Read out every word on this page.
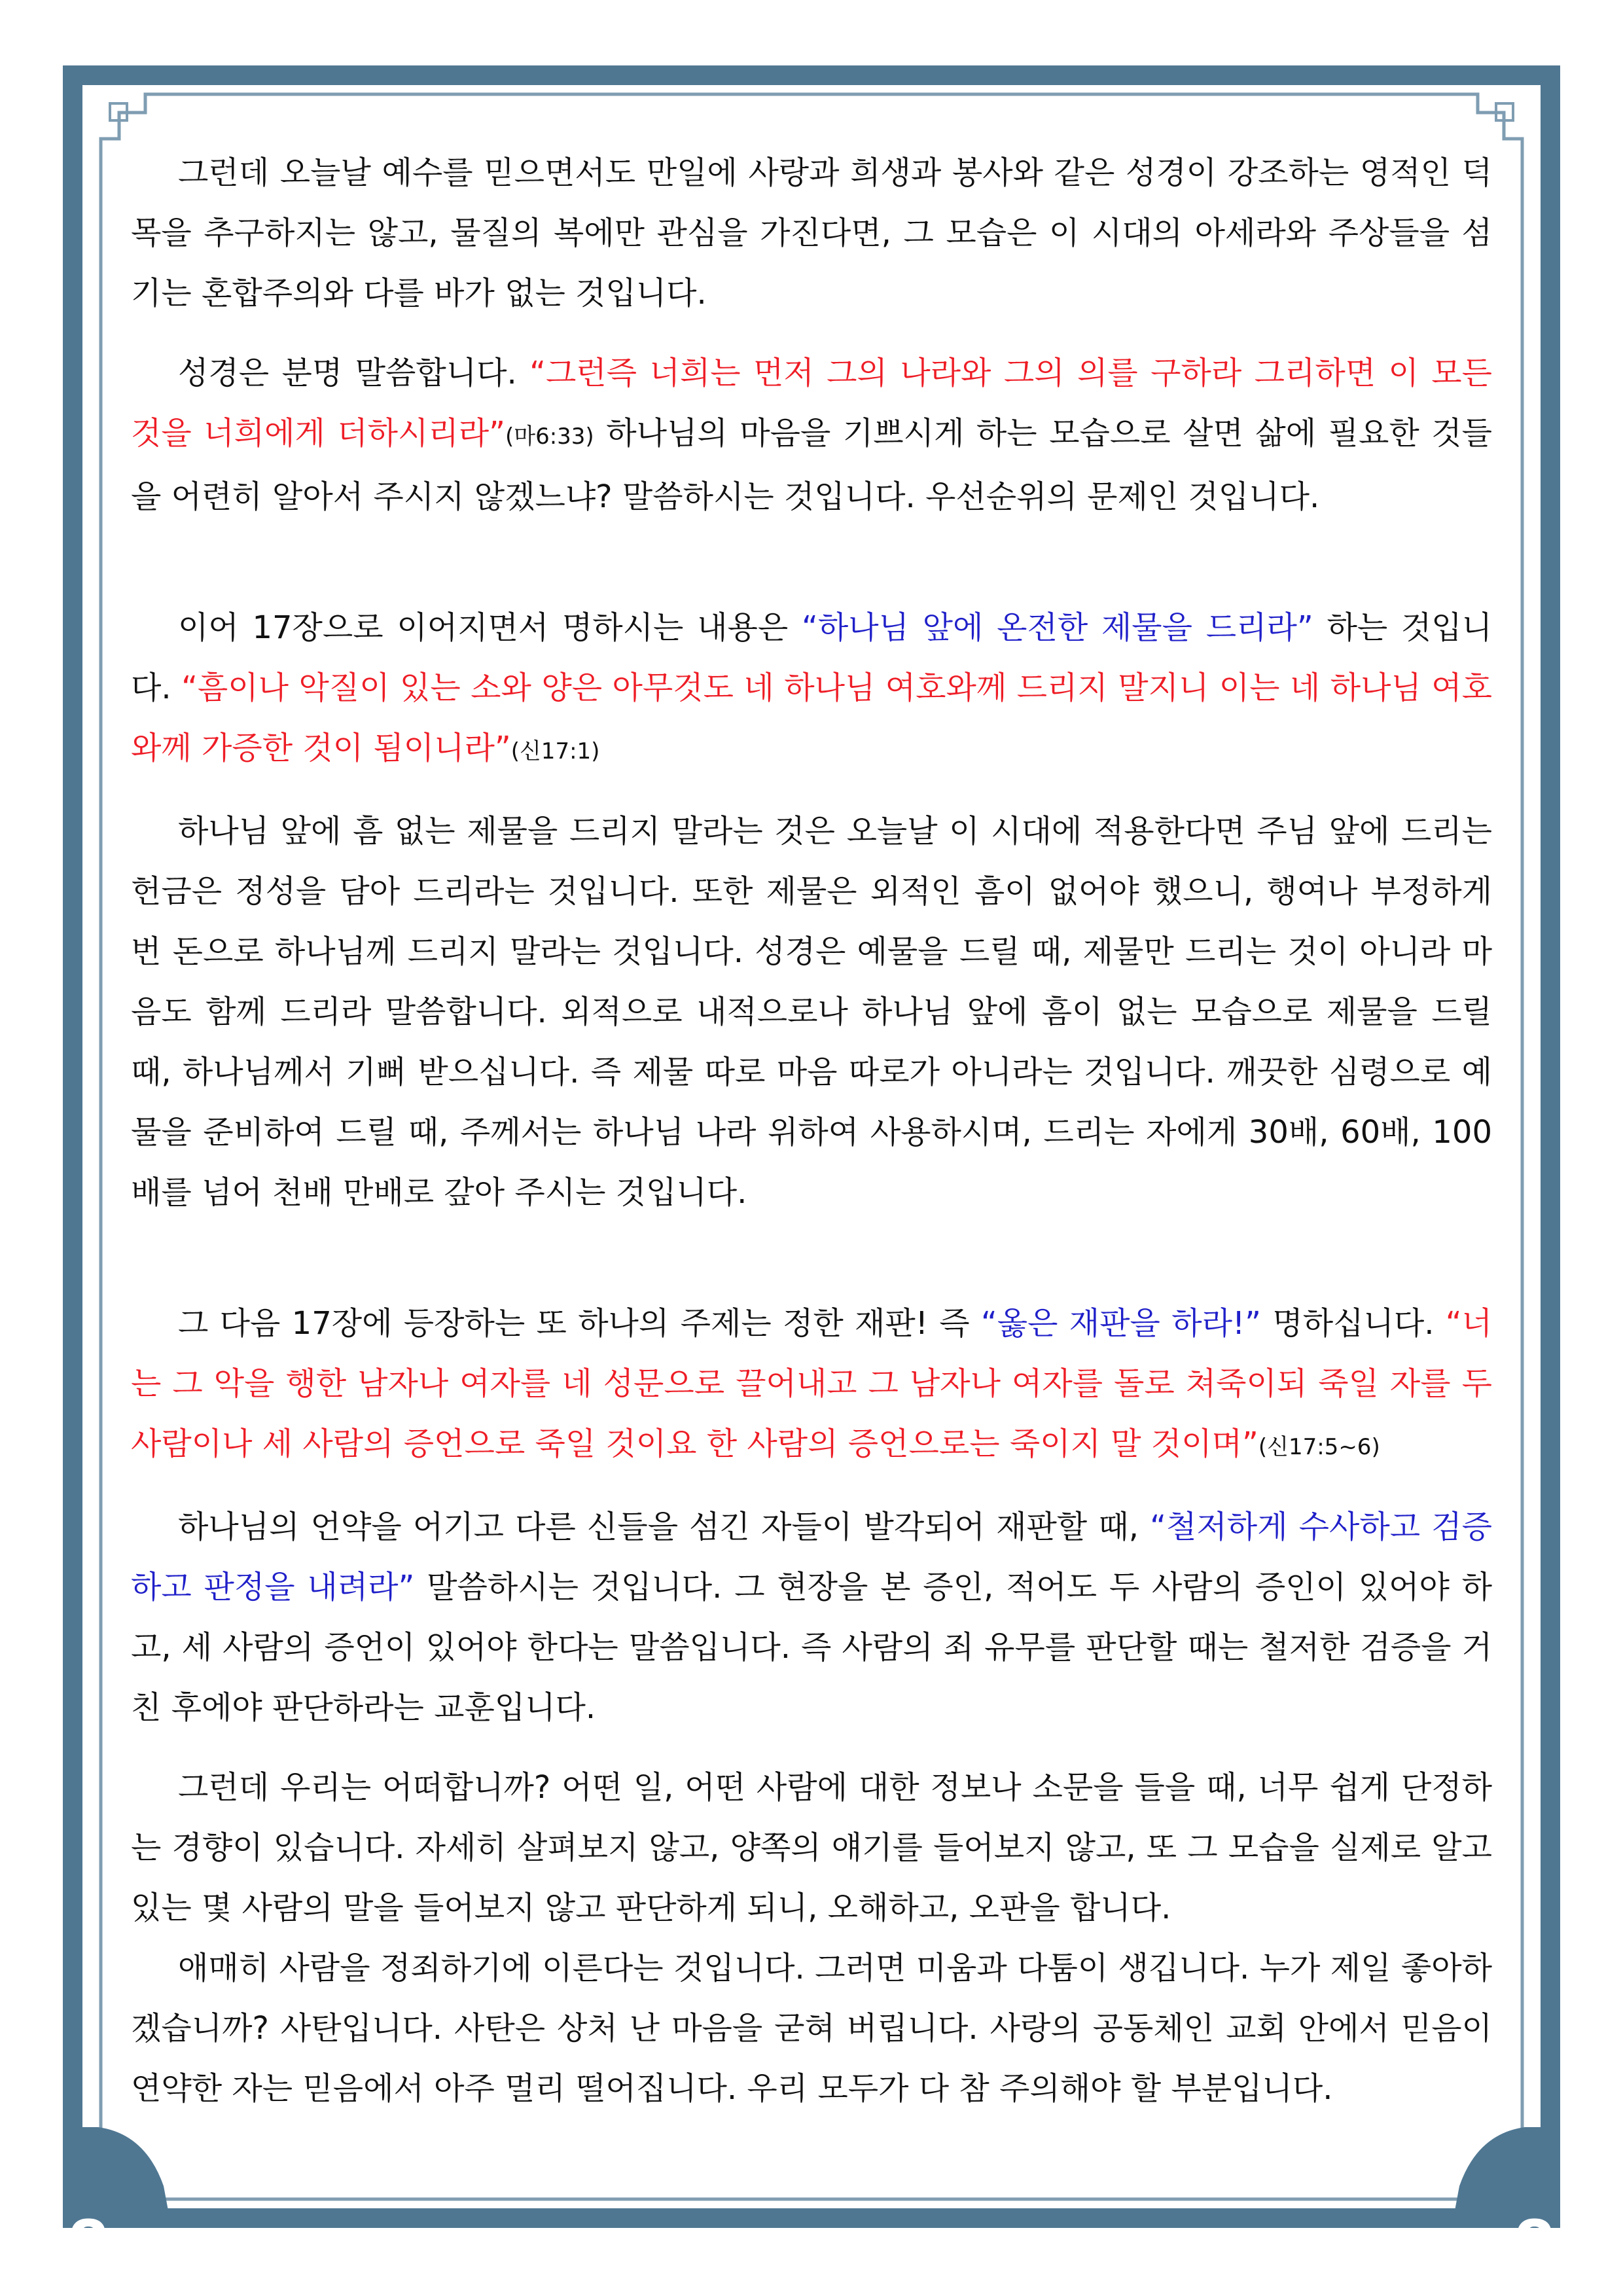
2	2

그런데 오늘날 예수를 믿으면서도 만일에 사랑과 희생과 봉사와 같은 성경이 강조하는 영적인 덕목을 추구하지는 않고, 물질의 복에만 관심을 가진다면, 그 모습은 이 시대의 아세라와 주상들을 섬기는 혼합주의와 다를 바가 없는 것입니다.

성경은 분명 말씀합니다. “그런즉 너희는 먼저 그의 나라와 그의 의를 구하라 그리하면 이 모든 것을 너희에게 더하시리라”(마6:33) 하나님의 마음을 기쁘시게 하는 모습으로 살면 삶에 필요한 것들을 어련히 알아서 주시지 않겠느냐? 말씀하시는 것입니다. 우선순위의 문제인 것입니다.

이어 17장으로 이어지면서 명하시는 내용은 “하나님 앞에 온전한 제물을 드리라” 하는 것입니다. “흠이나 악질이 있는 소와 양은 아무것도 네 하나님 여호와께 드리지 말지니 이는 네 하나님 여호와께 가증한 것이 됨이니라”(신17:1)

하나님 앞에 흠 없는 제물을 드리지 말라는 것은 오늘날 이 시대에 적용한다면 주님 앞에 드리는 헌금은 정성을 담아 드리라는 것입니다. 또한 제물은 외적인 흠이 없어야 했으니, 행여나 부정하게 번 돈으로 하나님께 드리지 말라는 것입니다. 성경은 예물을 드릴 때, 제물만 드리는 것이 아니라 마음도 함께 드리라 말씀합니다. 외적으로 내적으로나 하나님 앞에 흠이 없는 모습으로 제물을 드릴 때, 하나님께서 기뻐 받으십니다. 즉 제물 따로 마음 따로가 아니라는 것입니다. 깨끗한 심령으로 예물을 준비하여 드릴 때, 주께서는 하나님 나라 위하여 사용하시며, 드리는 자에게 30배, 60배, 100배를 넘어 천배 만배로 갚아 주시는 것입니다.

그 다음 17장에 등장하는 또 하나의 주제는 정한 재판! 즉 “옳은 재판을 하라!” 명하십니다. “너는 그 악을 행한 남자나 여자를 네 성문으로 끌어내고 그 남자나 여자를 돌로 쳐죽이되 죽일 자를 두 사람이나 세 사람의 증언으로 죽일 것이요 한 사람의 증언으로는 죽이지 말 것이며”(신17:5~6)

하나님의 언약을 어기고 다른 신들을 섬긴 자들이 발각되어 재판할 때, “철저하게 수사하고 검증하고 판정을 내려라” 말씀하시는 것입니다. 그 현장을 본 증인, 적어도 두 사람의 증인이 있어야 하고, 세 사람의 증언이 있어야 한다는 말씀입니다. 즉 사람의 죄 유무를 판단할 때는 철저한 검증을 거친 후에야 판단하라는 교훈입니다.

그런데 우리는 어떠합니까? 어떤 일, 어떤 사람에 대한 정보나 소문을 들을 때, 너무 쉽게 단정하는 경향이 있습니다. 자세히 살펴보지 않고, 양쪽의 얘기를 들어보지 않고, 또 그 모습을 실제로 알고 있는 몇 사람의 말을 들어보지 않고 판단하게 되니, 오해하고, 오판을 합니다.

애매히 사람을 정죄하기에 이른다는 것입니다. 그러면 미움과 다툼이 생깁니다. 누가 제일 좋아하겠습니까? 사탄입니다. 사탄은 상처 난 마음을 굳혀 버립니다. 사랑의 공동체인 교회 안에서 믿음이 연약한 자는 믿음에서 아주 멀리 떨어집니다. 우리 모두가 다 참 주의해야 할 부분입니다.
